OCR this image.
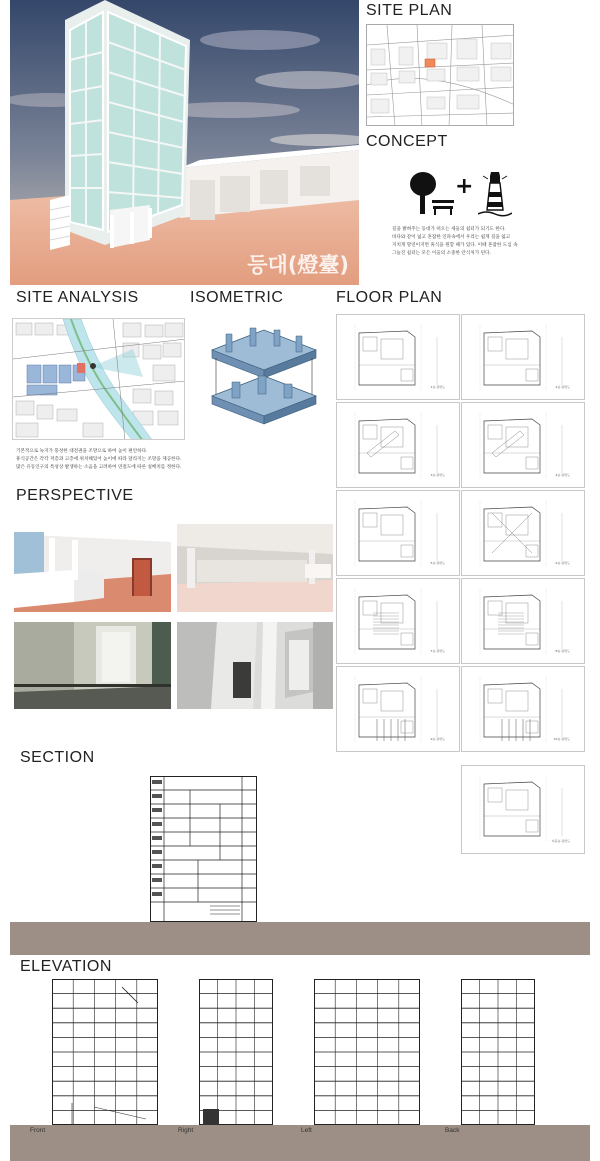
등대(燈臺)
SITE PLAN
CONCEPT
+
길을 밝혀주는 등대가 떠오는 새들의 쉼터가 되기도 한다.
바다와 같이 넓고 혼잡한 인파속에서 우리는 쉽게 길을 잃고
지치게 망연이지면 휴식을 원할 때가 있다. 이때 혼잡한 도심 속
그늘진 쉼터는 모든 이들의 소중한 안식처가 된다.
SITE ANALYSIS
기본적으로 녹지가 풍성한 대전권을 조망으로 하여 높이 편안하다.
휴식공간은 각각 저층과 고층에 위치해있어 높이에 따라 달라지는 조망을 제공한다.
많은 유동인구의 특성상 발생하는 소음을 고려하여 연걸도에 따른 실배치를 정한다.
ISOMETRIC	FLOOR PLAN
1층 평면도	2층 평면도
3층 평면도	4층 평면도
5층 평면도	6층 평면도
7층 평면도	8층 평면도
9층 평면도	10층 평면도
지붕층 평면도
PERSPECTIVE
SECTION
ELEVATION
Front	Right	Left	Back
